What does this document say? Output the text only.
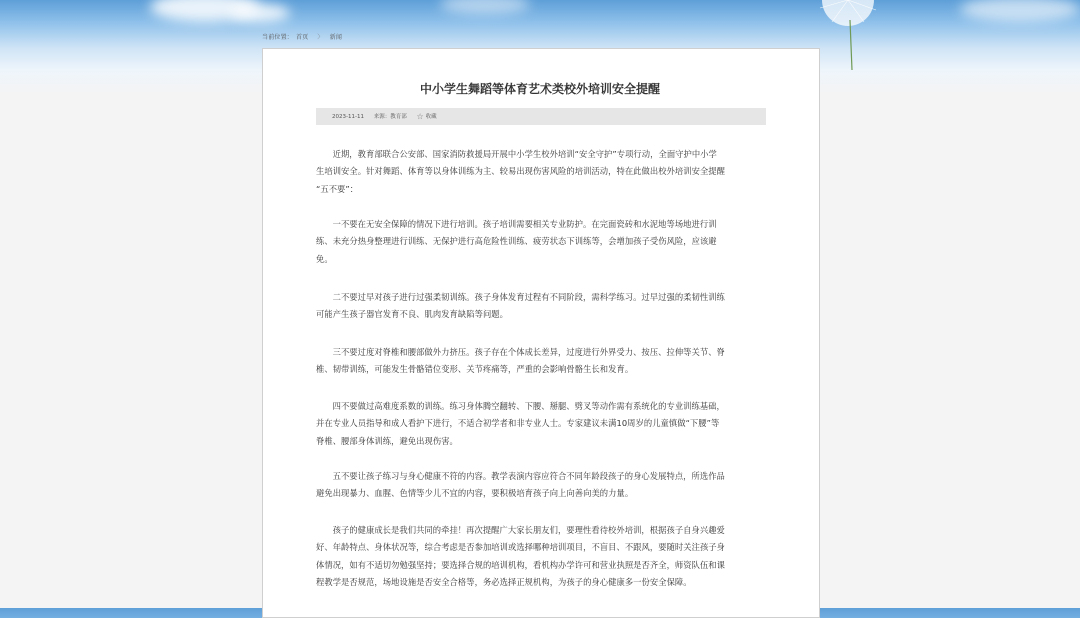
当前位置： 首页 〉 新闻
中小学生舞蹈等体育艺术类校外培训安全提醒
2023-11-11 来源：教育部 ☆ 收藏

近期，教育部联合公安部、国家消防救援局开展中小学生校外培训“安全守护”专项行动，全面守护中小学
生培训安全。针对舞蹈、体育等以身体训练为主、较易出现伤害风险的培训活动，特在此做出校外培训安全提醒
“五不要”：

一不要在无安全保障的情况下进行培训。孩子培训需要相关专业防护。在完面瓷砖和水泥地等场地进行训
练、未充分热身整理进行训练、无保护进行高危险性训练、疲劳状态下训练等，会增加孩子受伤风险，应该避
免。

二不要过早对孩子进行过强柔韧训练。孩子身体发育过程有不同阶段，需科学练习。过早过强的柔韧性训练
可能产生孩子器官发育不良、肌肉发育缺陷等问题。

三不要过度对脊椎和腰部做外力挤压。孩子存在个体成长差异，过度进行外界受力、按压、拉伸等关节、脊
椎、韧带训练，可能发生骨骼错位变形、关节疼痛等，严重的会影响骨骼生长和发育。

四不要做过高难度系数的训练。练习身体腾空翻转、下腰、掰腿、劈叉等动作需有系统化的专业训练基础，
并在专业人员指导和成人看护下进行，不适合初学者和非专业人士。专家建议未满10周岁的儿童慎做“下腰”等
脊椎、腰部身体训练，避免出现伤害。

五不要让孩子练习与身心健康不符的内容。教学表演内容应符合不同年龄段孩子的身心发展特点，所选作品
避免出现暴力、血腥、色情等少儿不宜的内容，要积极培育孩子向上向善向美的力量。

孩子的健康成长是我们共同的牵挂！再次提醒广大家长朋友们，要理性看待校外培训，根据孩子自身兴趣爱
好、年龄特点、身体状况等，综合考虑是否参加培训或选择哪种培训项目，不盲目、不跟风，要随时关注孩子身
体情况，如有不适切勿勉强坚持；要选择合规的培训机构，看机构办学许可和营业执照是否齐全，师资队伍和课
程教学是否规范，场地设施是否安全合格等，务必选择正规机构，为孩子的身心健康多一份安全保障。
